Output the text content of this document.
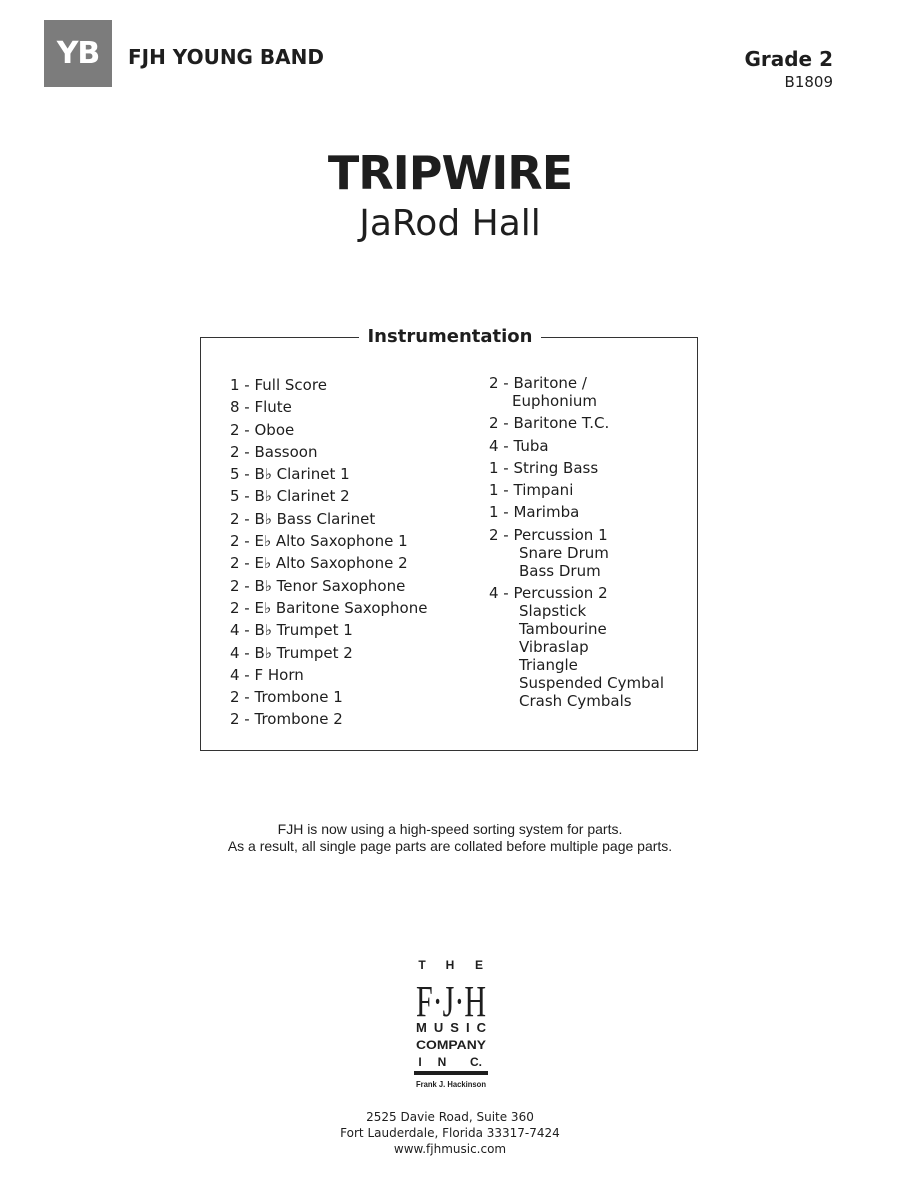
YB	FJH YOUNG BAND	Grade 2
B1809
TRIPWIRE
JaRod Hall
Instrumentation
1 - Full Score
8 - Flute
2 - Oboe
2 - Bassoon
5 - B♭ Clarinet 1
5 - B♭ Clarinet 2
2 - B♭ Bass Clarinet
2 - E♭ Alto Saxophone 1
2 - E♭ Alto Saxophone 2
2 - B♭ Tenor Saxophone
2 - E♭ Baritone Saxophone
4 - B♭ Trumpet 1
4 - B♭ Trumpet 2
4 - F Horn
2 - Trombone 1
2 - Trombone 2
2 - Baritone /
Euphonium
2 - Baritone T.C.
4 - Tuba
1 - String Bass
1 - Timpani
1 - Marimba
2 - Percussion 1
Snare Drum
Bass Drum
4 - Percussion 2
Slapstick
Tambourine
Vibraslap
Triangle
Suspended Cymbal
Crash Cymbals
FJH is now using a high-speed sorting system for parts.
As a result, all single page parts are collated before multiple page parts.
T H E
F·J·H
MUSIC
COMPANY
I N C.
Frank J. Hackinson
2525 Davie Road, Suite 360
Fort Lauderdale, Florida 33317-7424
www.fjhmusic.com
